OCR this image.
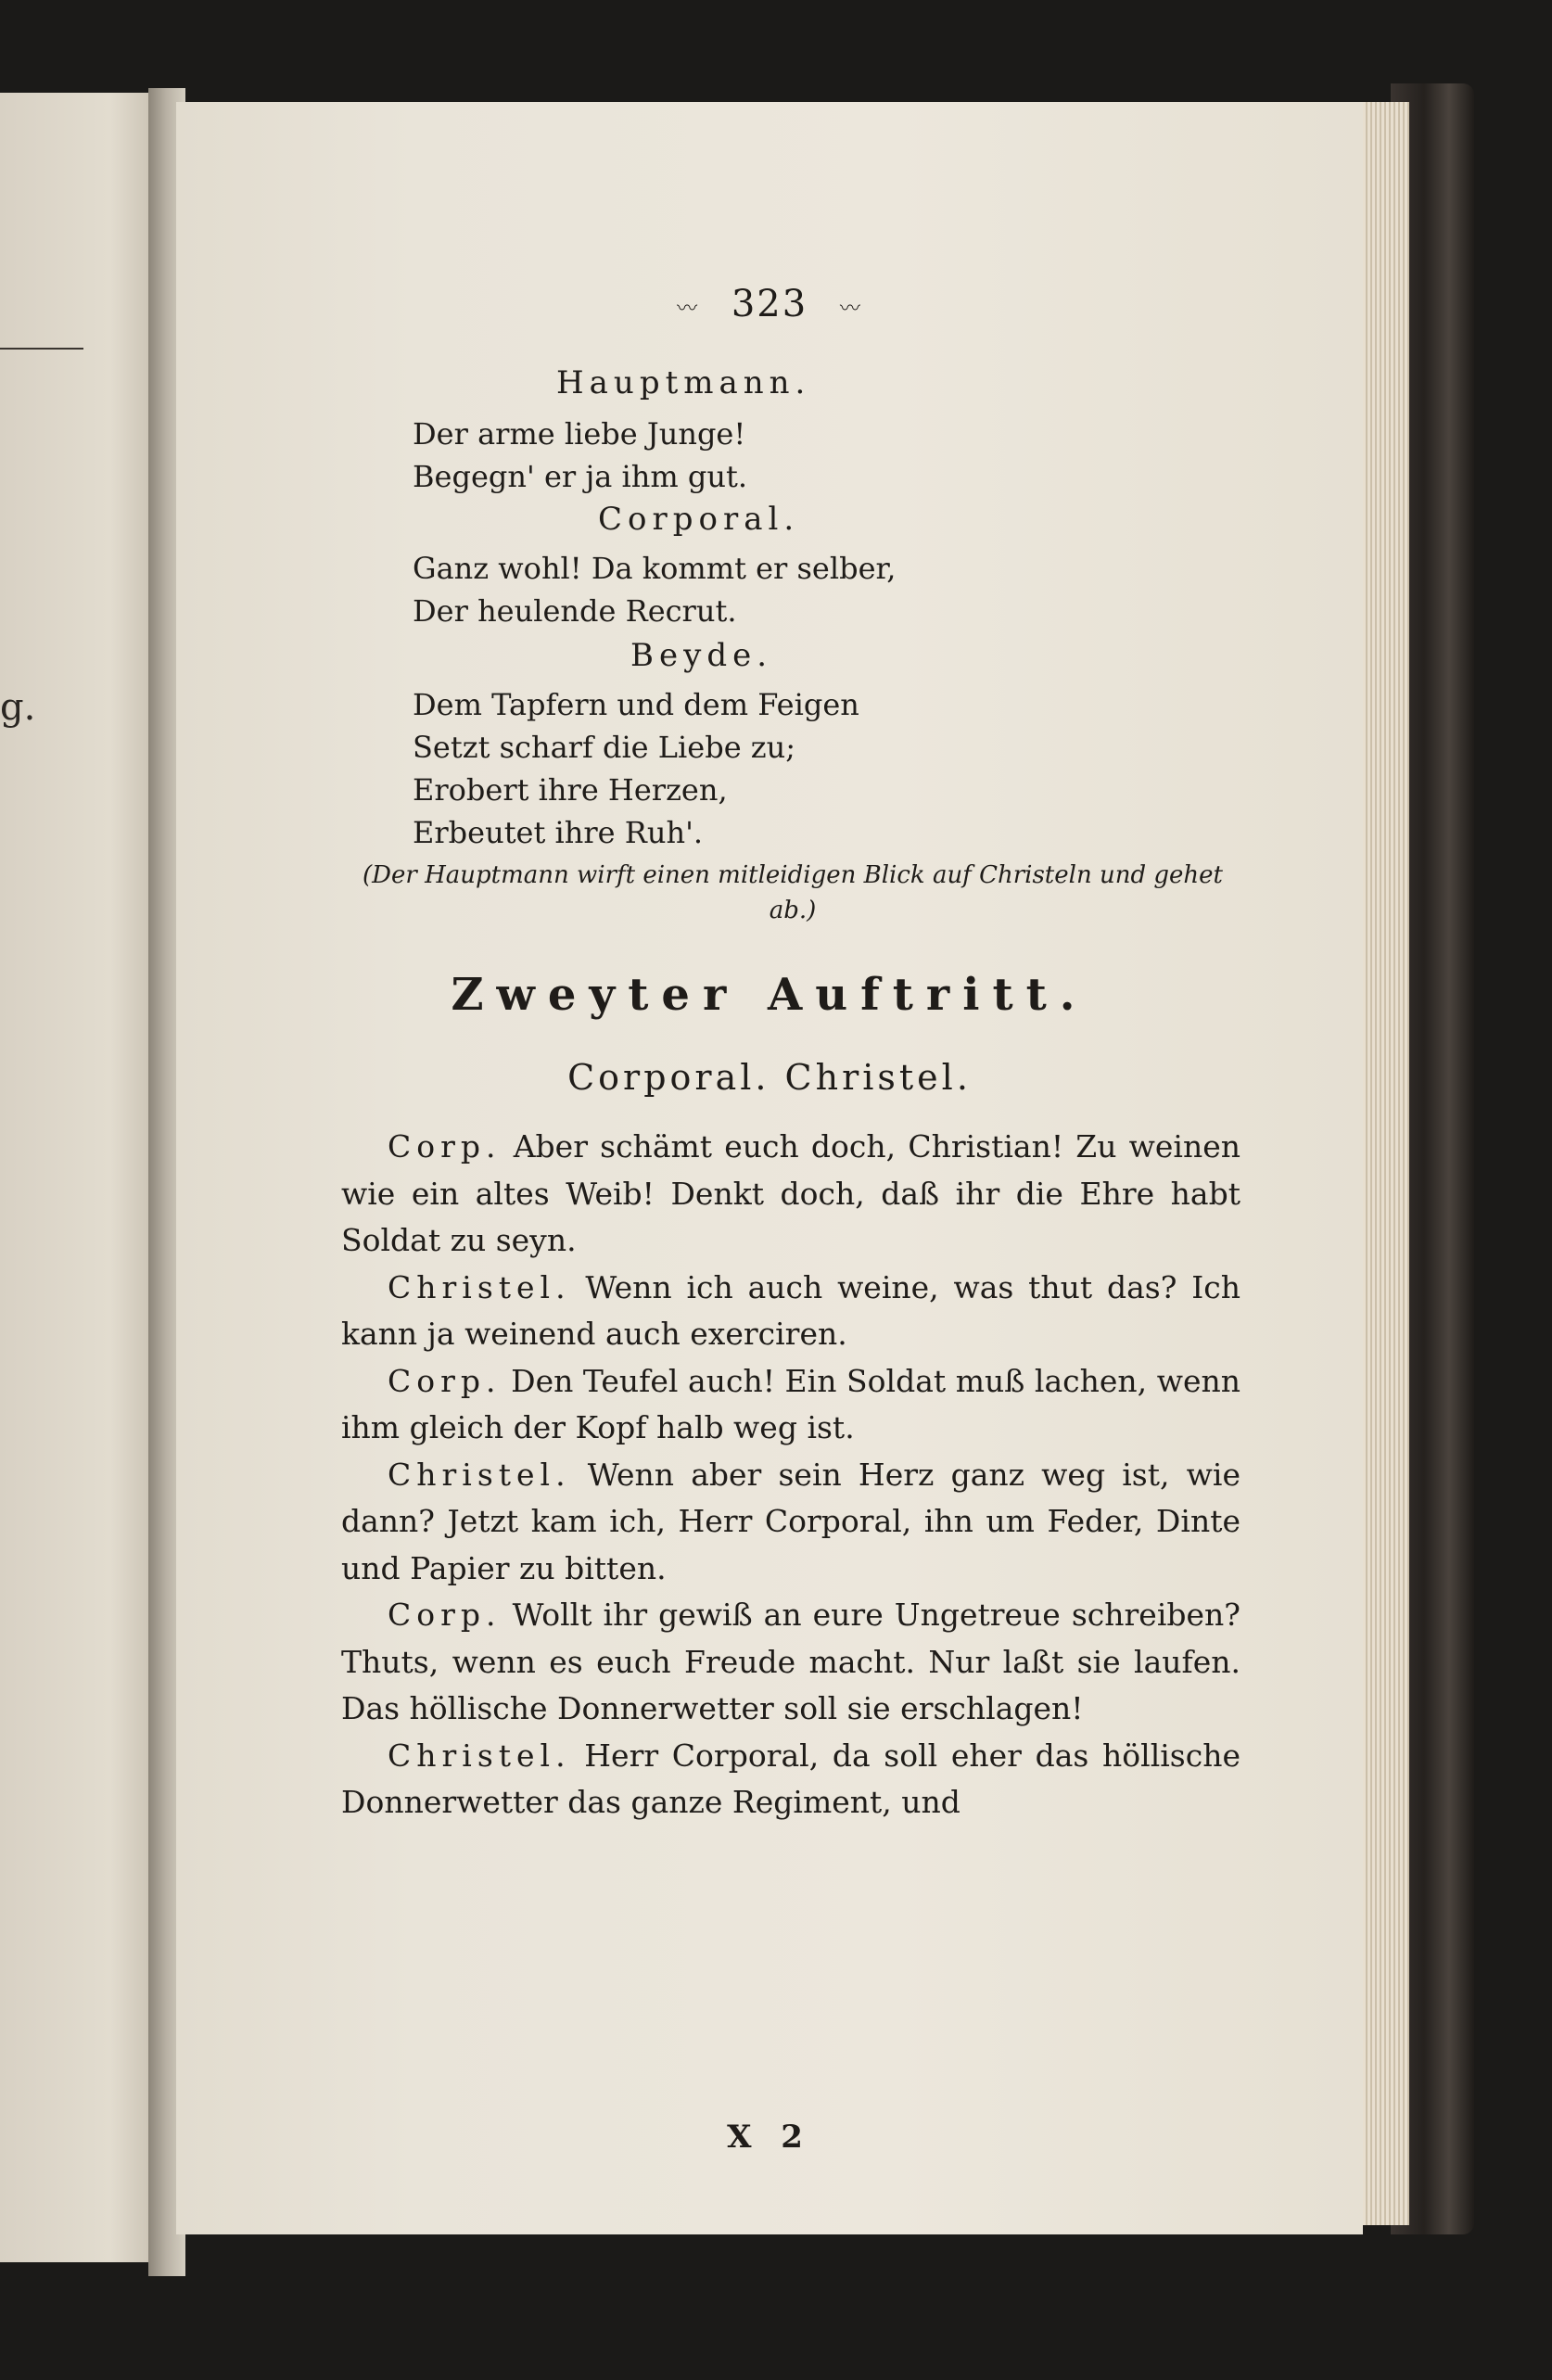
g.
〰 323 〰
Hauptmann.
Der arme liebe Junge!
Begegn' er ja ihm gut.
Corporal.
Ganz wohl! Da kommt er selber,
Der heulende Recrut.
Beyde.
Dem Tapfern und dem Feigen
Setzt scharf die Liebe zu;
Erobert ihre Herzen,
Erbeutet ihre Ruh'.
(Der Hauptmann wirft einen mitleidigen Blick auf Christeln und gehet ab.)
Zweyter Auftritt.
Corporal. Christel.

Corp. Aber schämt euch doch, Christian! Zu weinen wie ein altes Weib! Denkt doch, daß ihr die Ehre habt Soldat zu seyn.

Christel. Wenn ich auch weine, was thut das? Ich kann ja weinend auch exerciren.

Corp. Den Teufel auch! Ein Soldat muß lachen, wenn ihm gleich der Kopf halb weg ist.

Christel. Wenn aber sein Herz ganz weg ist, wie dann? Jetzt kam ich, Herr Corporal, ihn um Feder, Dinte und Papier zu bitten.

Corp. Wollt ihr gewiß an eure Ungetreue schreiben? Thuts, wenn es euch Freude macht. Nur laßt sie laufen. Das höllische Donnerwetter soll sie erschlagen!

Christel. Herr Corporal, da soll eher das höllische Donnerwetter das ganze Regiment, und

X 2
